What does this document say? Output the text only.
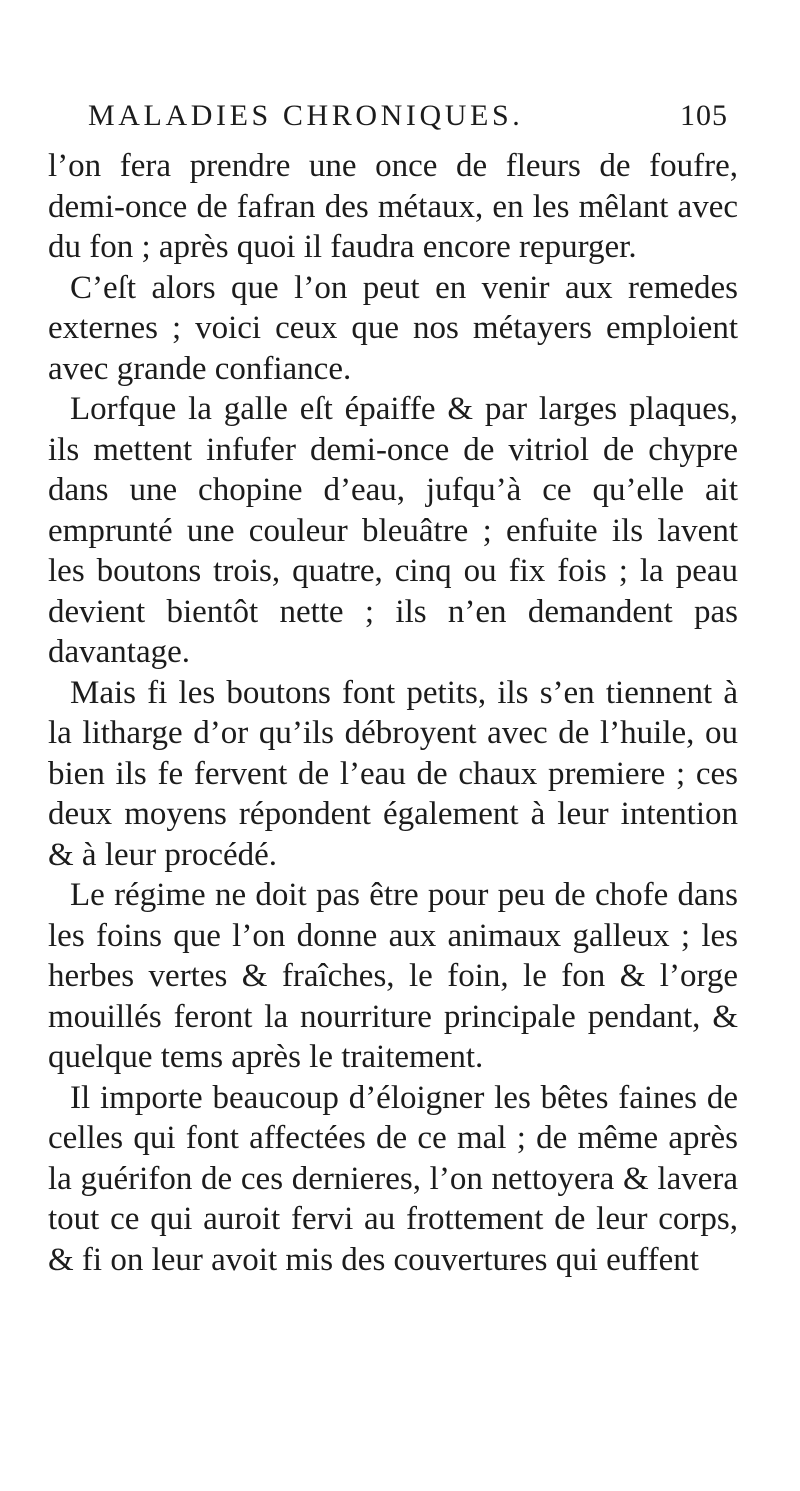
MALADIES CHRONIQUES.	105

l’on fera prendre une once de fleurs de foufre, demi-once de fafran des métaux, en les mêlant avec du fon ; après quoi il faudra encore repurger.

C’eſt alors que l’on peut en venir aux remedes externes ; voici ceux que nos métayers emploient avec grande confiance.

Lorfque la galle eſt épaiffe & par larges plaques, ils mettent infufer demi-once de vitriol de chypre dans une chopine d’eau, jufqu’à ce qu’elle ait emprunté une couleur bleuâtre ; enfuite ils lavent les boutons trois, quatre, cinq ou fix fois ; la peau devient bientôt nette ; ils n’en demandent pas davantage.

Mais fi les boutons font petits, ils s’en tiennent à la litharge d’or qu’ils débroyent avec de l’huile, ou bien ils fe fervent de l’eau de chaux premiere ; ces deux moyens répondent également à leur intention & à leur procédé.

Le régime ne doit pas être pour peu de chofe dans les foins que l’on donne aux animaux galleux ; les herbes vertes & fraîches, le foin, le fon & l’orge mouillés feront la nourriture principale pendant, & quelque tems après le traitement.

Il importe beaucoup d’éloigner les bêtes faines de celles qui font affectées de ce mal ; de même après la guérifon de ces dernieres, l’on nettoyera & lavera tout ce qui auroit fervi au frottement de leur corps, & fi on leur avoit mis des couvertures qui euffent
